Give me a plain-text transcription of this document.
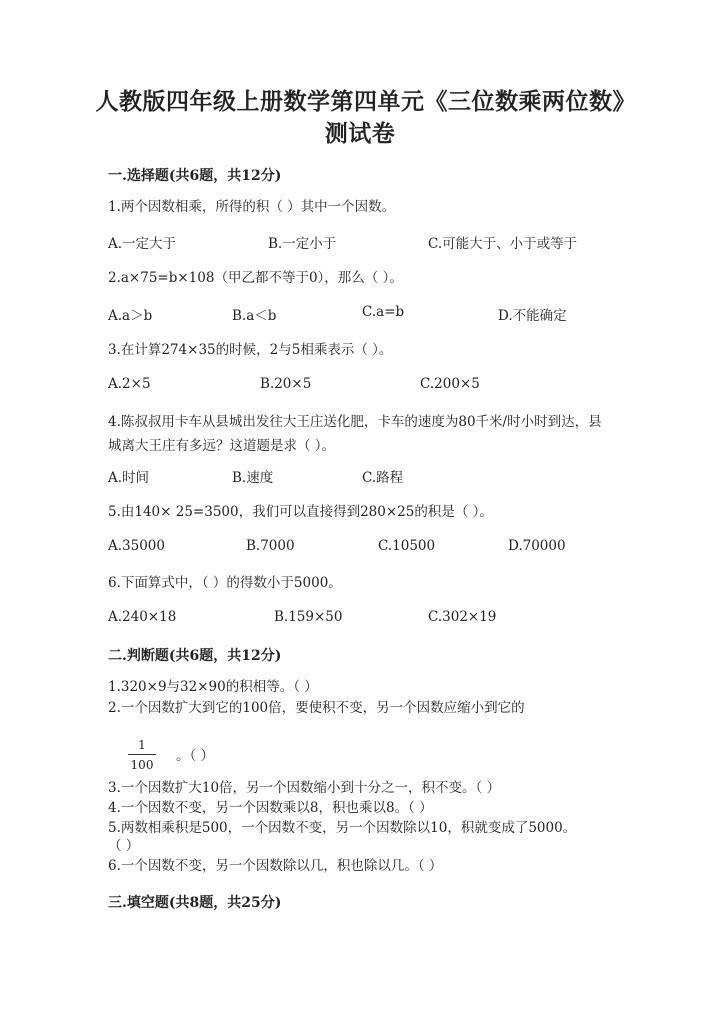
人教版四年级上册数学第四单元《三位数乘两位数》测试卷
一.选择题(共6题，共12分)
1.两个因数相乘，所得的积（ ）其中一个因数。
A.一定大于	B.一定小于	C.可能大于、小于或等于
2.a×75=b×108（甲乙都不等于0），那么（ ）。
A.a＞b	B.a＜b	C.a=b	D.不能确定
3.在计算274×35的时候，2与5相乘表示（ ）。
A.2×5	B.20×5	C.200×5
4.陈叔叔用卡车从县城出发往大王庄送化肥，卡车的速度为80千米/时小时到达，县城离大王庄有多远？这道题是求（ ）。
A.时间	B.速度	C.路程
5.由140× 25=3500，我们可以直接得到280×25的积是（ ）。
A.35000	B.7000	C.10500	D.70000
6.下面算式中，（ ）的得数小于5000。
A.240×18	B.159×50	C.302×19
二.判断题(共6题，共12分)
1.320×9与32×90的积相等。（ ）
2.一个因数扩大到它的100倍，要使积不变，另一个因数应缩小到它的
1
100
。（ ）
3.一个因数扩大10倍，另一个因数缩小到十分之一，积不变。（ ）
4.一个因数不变，另一个因数乘以8，积也乘以8。（ ）
5.两数相乘积是500，一个因数不变，另一个因数除以10，积就变成了5000。
（ ）
6.一个因数不变，另一个因数除以几，积也除以几。（ ）
三.填空题(共8题，共25分)
